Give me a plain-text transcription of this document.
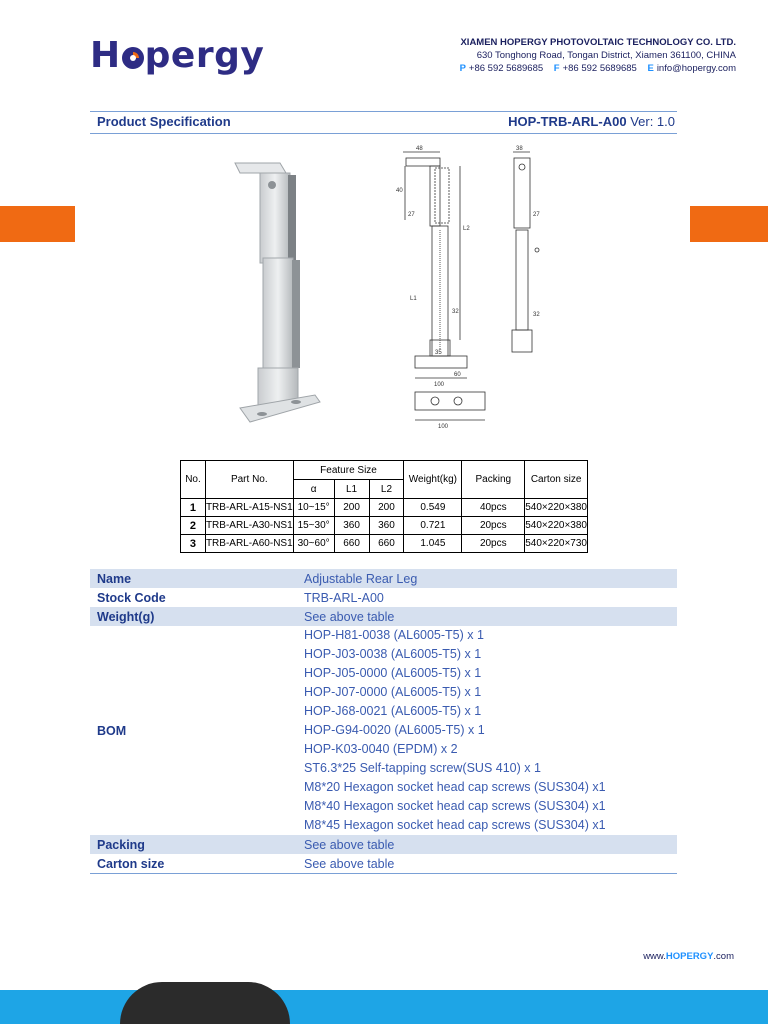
H pergy	XIAMEN HOPERGY PHOTOVOLTAIC TECHNOLOGY CO. LTD.
630 Tonghong Road, Tongan District, Xiamen 361100, CHINA
P +86 592 5689685 F +86 592 5689685 E info@hopergy.com
Product Specification	HOP-TRB-ARL-A00 Ver: 1.0
48
40
27
L2
L1
32
60
35
100
100
38
27
32
No.	Part No.	Feature Size			Weight(kg)	Packing	Carton size
		α	L1	L2			
1	TRB-ARL-A15-NS1	10~15°	200	200	0.549	40pcs	540×220×380
2	TRB-ARL-A30-NS1	15~30°	360	360	0.721	20pcs	540×220×380
3	TRB-ARL-A60-NS1	30~60°	660	660	1.045	20pcs	540×220×730
Name	Adjustable Rear Leg
Stock Code	TRB-ARL-A00
Weight(g)	See above table
BOM
HOP-H81-0038 (AL6005-T5) x 1
HOP-J03-0038 (AL6005-T5) x 1
HOP-J05-0000 (AL6005-T5) x 1
HOP-J07-0000 (AL6005-T5) x 1
HOP-J68-0021 (AL6005-T5) x 1
HOP-G94-0020 (AL6005-T5) x 1
HOP-K03-0040 (EPDM) x 2
ST6.3*25 Self-tapping screw(SUS 410) x 1
M8*20 Hexagon socket head cap screws (SUS304) x1
M8*40 Hexagon socket head cap screws (SUS304) x1
M8*45 Hexagon socket head cap screws (SUS304) x1
Packing	See above table
Carton size	See above table
www.HOPERGY.com
